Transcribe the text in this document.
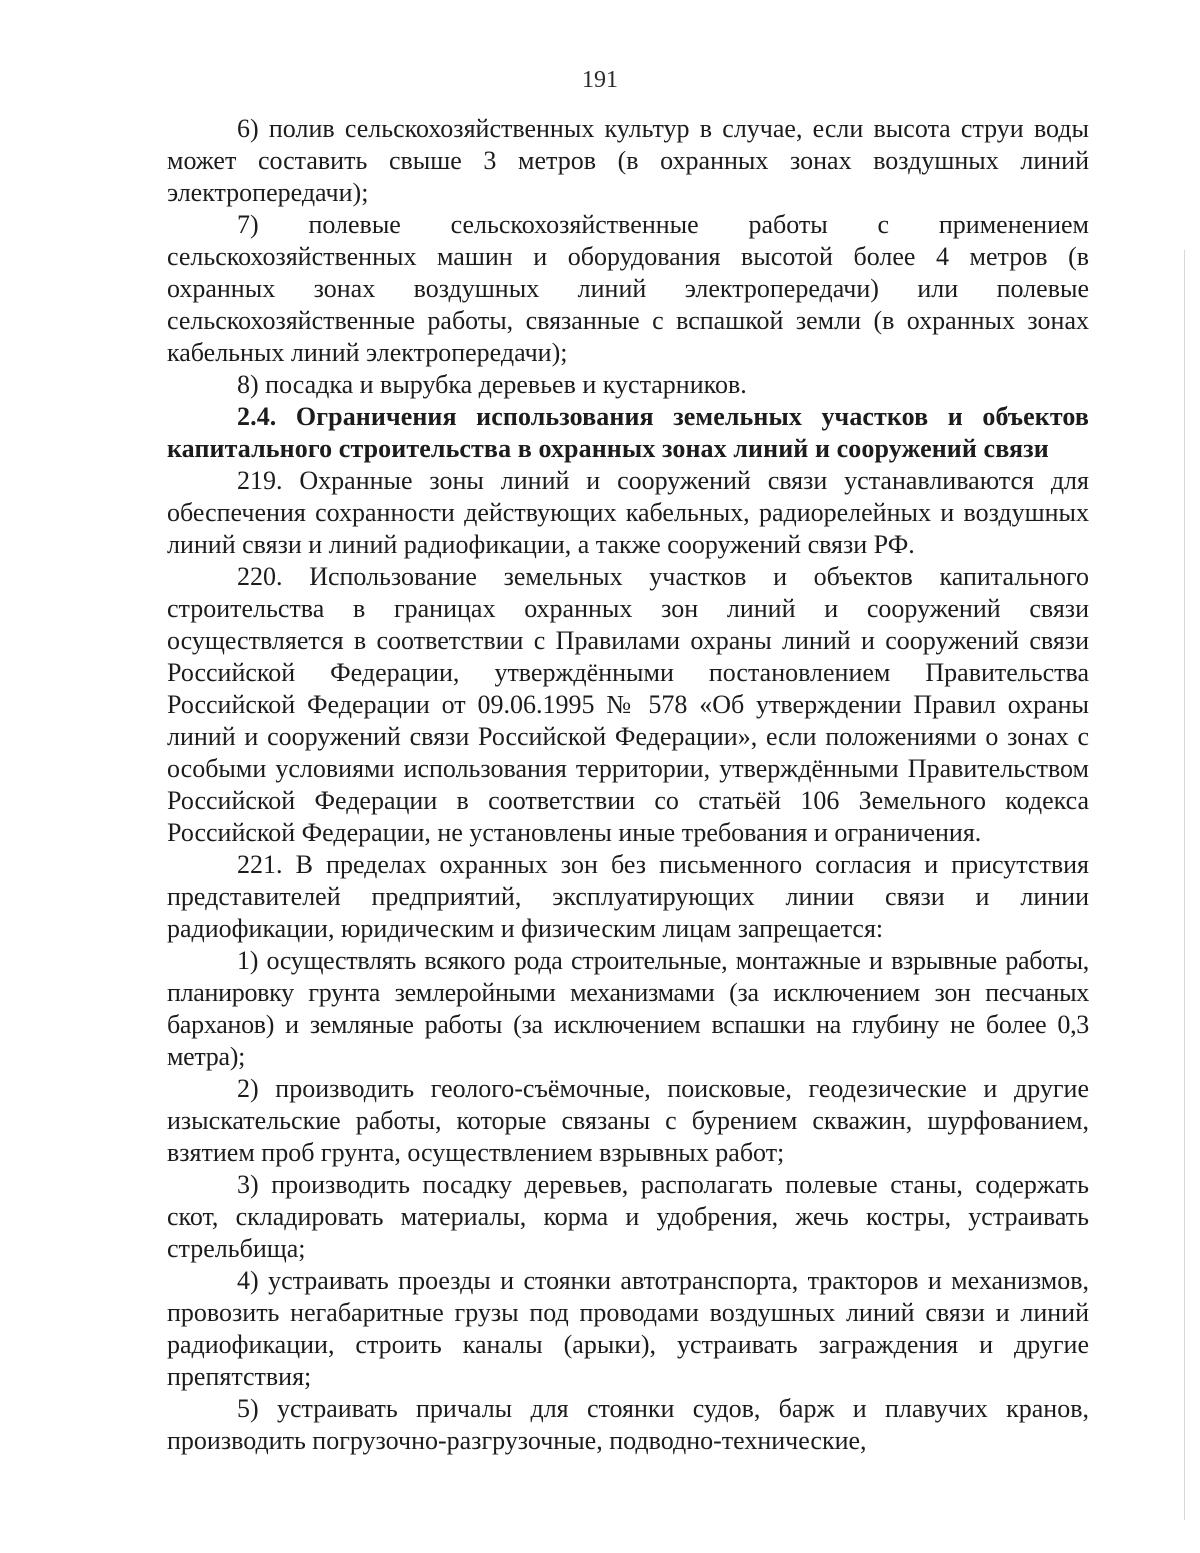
191

6) полив сельскохозяйственных культур в случае, если высота струи воды может составить свыше 3 метров (в охранных зонах воздушных линий электропередачи);

7) полевые сельскохозяйственные работы с применением сельскохозяйственных машин и оборудования высотой более 4 метров (в охранных зонах воздушных линий электропередачи) или полевые сельскохозяйственные работы, связанные с вспашкой земли (в охранных зонах кабельных линий электропередачи);

8) посадка и вырубка деревьев и кустарников.

2.4. Ограничения использования земельных участков и объектов капитального строительства в охранных зонах линий и сооружений связи

219. Охранные зоны линий и сооружений связи устанавливаются для обеспечения сохранности действующих кабельных, радиорелейных и воздушных линий связи и линий радиофикации, а также сооружений связи РФ.

220. Использование земельных участков и объектов капитального строительства в границах охранных зон линий и сооружений связи осуществляется в соответствии с Правилами охраны линий и сооружений связи Российской Федерации, утверждёнными постановлением Правительства Российской Федерации от 09.06.1995 № 578 «Об утверждении Правил охраны линий и сооружений связи Российской Федерации», если положениями о зонах с особыми условиями использования территории, утверждёнными Правительством Российской Федерации в соответствии со статьёй 106 Земельного кодекса Российской Федерации, не установлены иные требования и ограничения.

221. В пределах охранных зон без письменного согласия и присутствия представителей предприятий, эксплуатирующих линии связи и линии радиофикации, юридическим и физическим лицам запрещается:

1) осуществлять всякого рода строительные, монтажные и взрывные работы, планировку грунта землеройными механизмами (за исключением зон песчаных барханов) и земляные работы (за исключением вспашки на глубину не более 0,3 метра);

2) производить геолого-съёмочные, поисковые, геодезические и другие изыскательские работы, которые связаны с бурением скважин, шурфованием, взятием проб грунта, осуществлением взрывных работ;

3) производить посадку деревьев, располагать полевые станы, содержать скот, складировать материалы, корма и удобрения, жечь костры, устраивать стрельбища;

4) устраивать проезды и стоянки автотранспорта, тракторов и механизмов, провозить негабаритные грузы под проводами воздушных линий связи и линий радиофикации, строить каналы (арыки), устраивать заграждения и другие препятствия;

5) устраивать причалы для стоянки судов, барж и плавучих кранов, производить погрузочно-разгрузочные, подводно-технические,
